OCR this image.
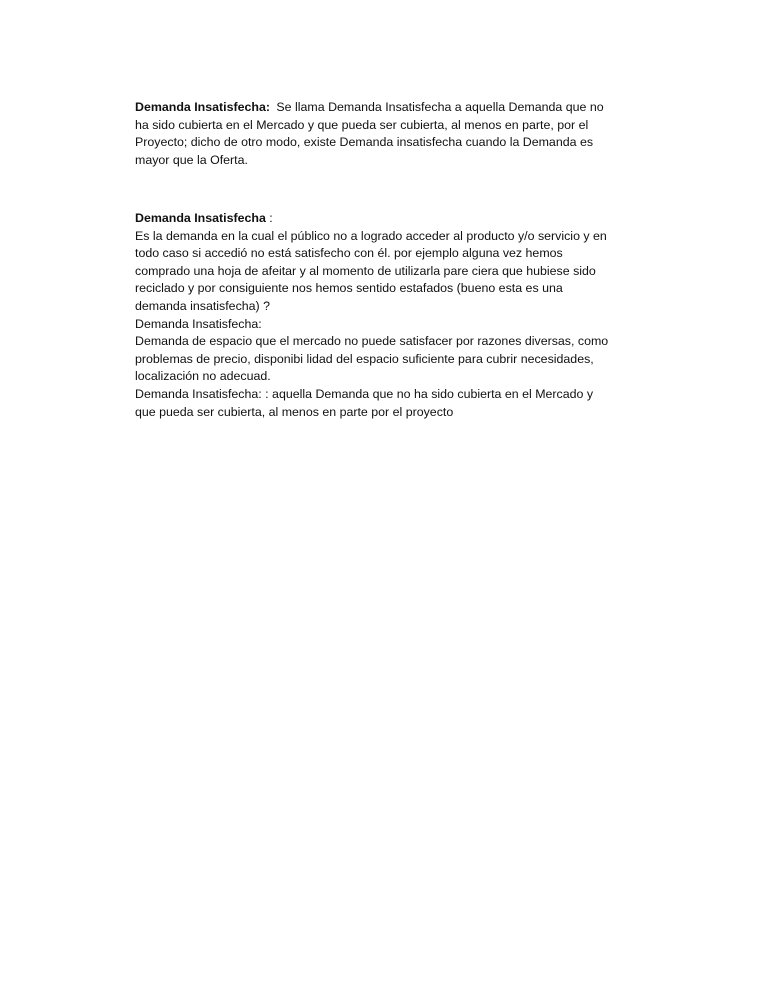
Demanda Insatisfecha: Se llama Demanda Insatisfecha a aquella Demanda que no
ha sido cubierta en el Mercado y que pueda ser cubierta, al menos en parte, por el
Proyecto; dicho de otro modo, existe Demanda insatisfecha cuando la Demanda es
mayor que la Oferta.
Demanda Insatisfecha :
Es la demanda en la cual el público no a logrado acceder al producto y/o servicio y en
todo caso si accedió no está satisfecho con él. por ejemplo alguna vez hemos
comprado una hoja de afeitar y al momento de utilizarla pare ciera que hubiese sido
reciclado y por consiguiente nos hemos sentido estafados (bueno esta es una
demanda insatisfecha) ?
Demanda Insatisfecha:
Demanda de espacio que el mercado no puede satisfacer por razones diversas, como
problemas de precio, disponibi lidad del espacio suficiente para cubrir necesidades,
localización no adecuad.
Demanda Insatisfecha: : aquella Demanda que no ha sido cubierta en el Mercado y
que pueda ser cubierta, al menos en parte por el proyecto
